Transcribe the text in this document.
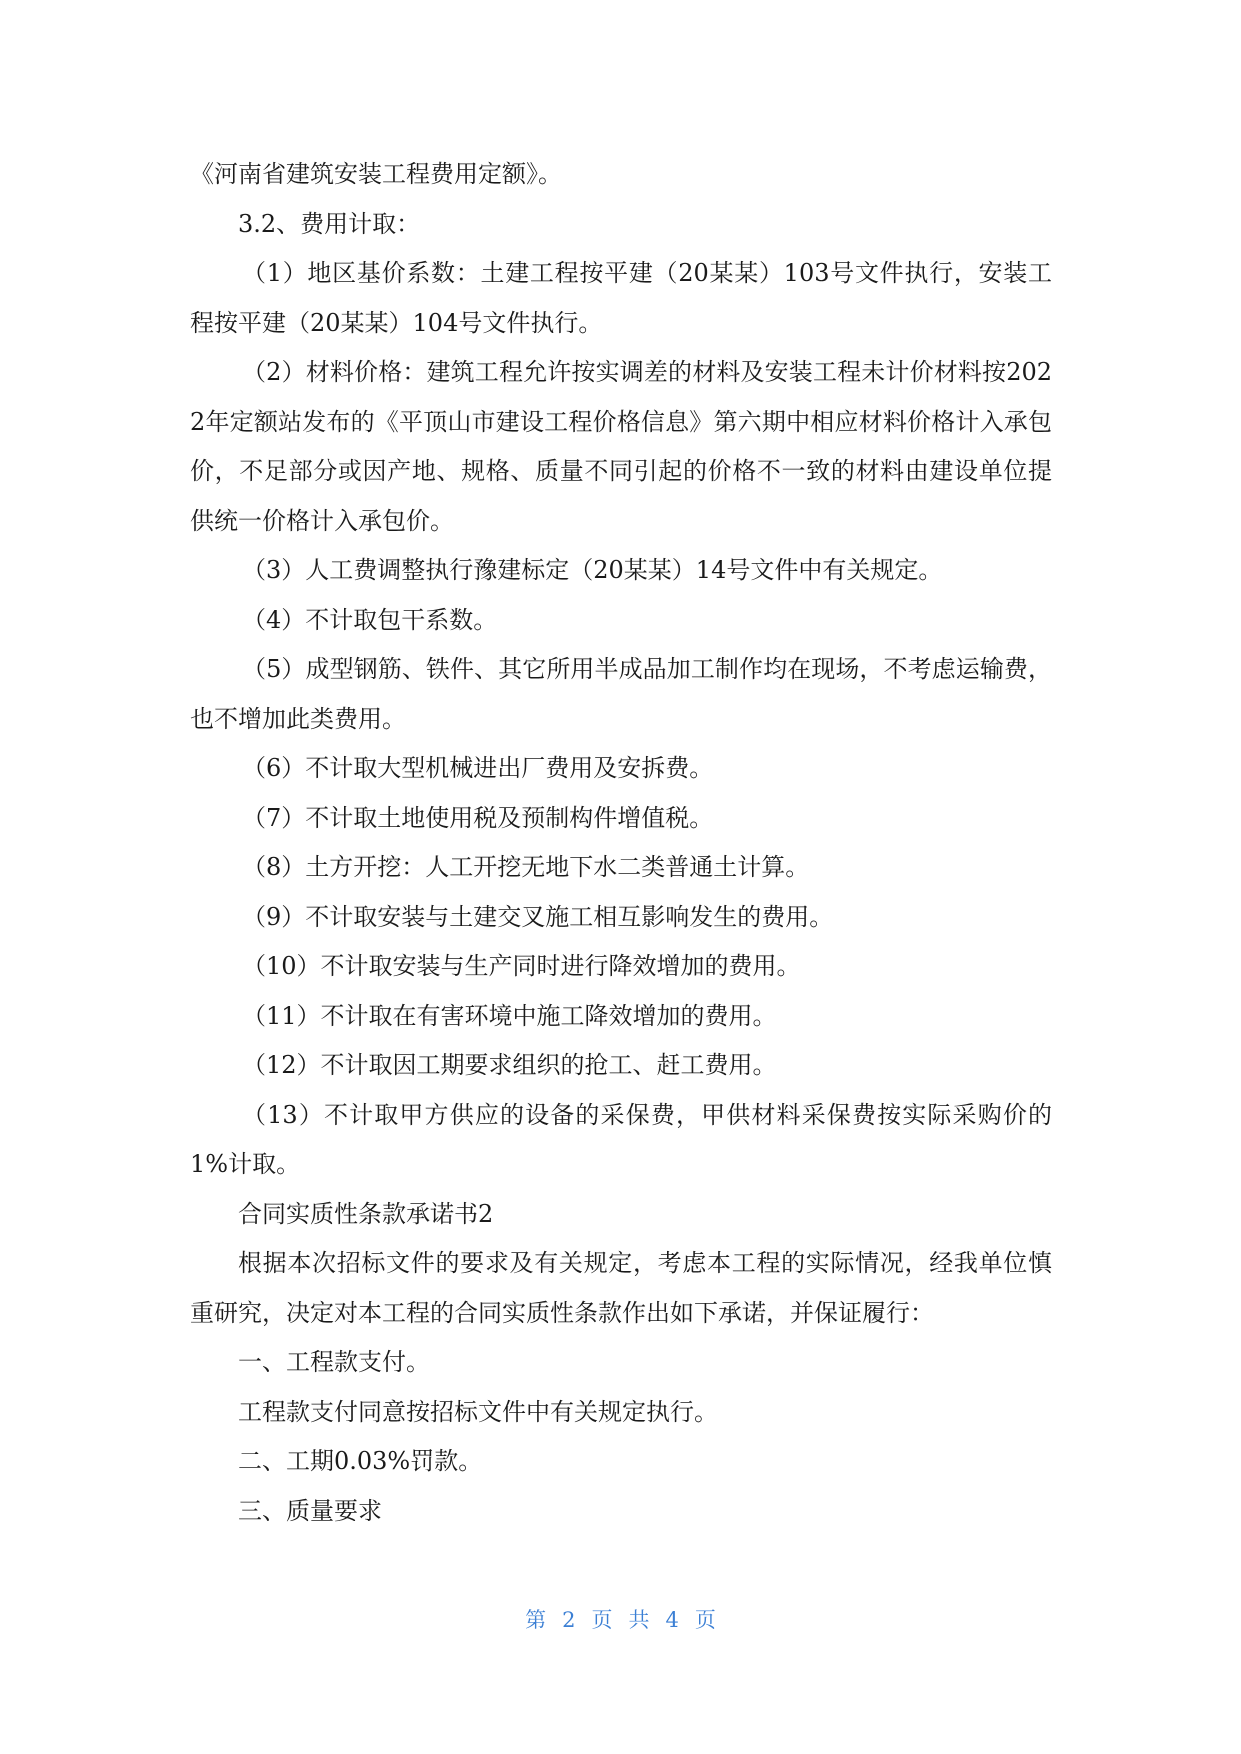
《河南省建筑安装工程费用定额》。

3.2、费用计取：

（1）地区基价系数：土建工程按平建（20某某）103号文件执行，安装工程按平建（20某某）104号文件执行。

（2）材料价格：建筑工程允许按实调差的材料及安装工程未计价材料按2022年定额站发布的《平顶山市建设工程价格信息》第六期中相应材料价格计入承包价，不足部分或因产地、规格、质量不同引起的价格不一致的材料由建设单位提供统一价格计入承包价。

（3）人工费调整执行豫建标定（20某某）14号文件中有关规定。

（4）不计取包干系数。

（5）成型钢筋、铁件、其它所用半成品加工制作均在现场，不考虑运输费，也不增加此类费用。

（6）不计取大型机械进出厂费用及安拆费。

（7）不计取土地使用税及预制构件增值税。

（8）土方开挖：人工开挖无地下水二类普通土计算。

（9）不计取安装与土建交叉施工相互影响发生的费用。

（10）不计取安装与生产同时进行降效增加的费用。

（11）不计取在有害环境中施工降效增加的费用。

（12）不计取因工期要求组织的抢工、赶工费用。

（13）不计取甲方供应的设备的采保费，甲供材料采保费按实际采购价的1%计取。

合同实质性条款承诺书2

根据本次招标文件的要求及有关规定，考虑本工程的实际情况，经我单位慎重研究，决定对本工程的合同实质性条款作出如下承诺，并保证履行：

一、工程款支付。

工程款支付同意按招标文件中有关规定执行。

二、工期0.03%罚款。

三、质量要求

第 2 页 共 4 页
